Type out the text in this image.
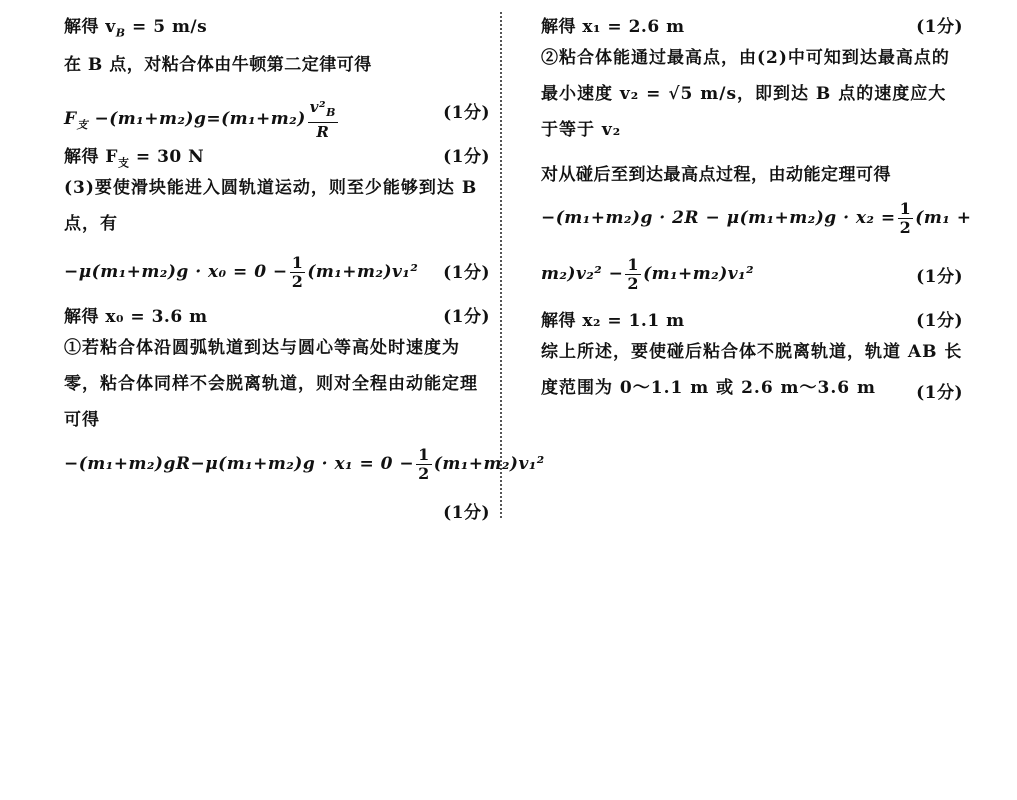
解得 $v_B = 5$ m/s
在 B 点，对粘合体由牛顿第二定律可得
$F_支 -(m_1+m_2)g=(m_1+m_2) \frac{v^2_B}{R}$	(1分)
解得 $F_支 = 30$ N	(1分)
(3)要使滑块能进入圆轨道运动，则至少能够到达 B 点，有
$-\mu(m_1+m_2)g \cdot x_0 = 0 - \frac{1}{2} (m_1+m_2)v_1^2$ (1分)
解得 x₀ = 3.6 m	(1分)
①若粘合体沿圆弧轨道到达与圆心等高处时速度为零，粘合体同样不会脱离轨道，则对全程由动能定理可得
$-(m_1+m_2)gR-\mu(m_1+m_2)g \cdot x_1 = 0 - \frac{1}{2} (m_1+m_2)v_1^2$
(1分)
解得 x₁ = 2.6 m	(1分)
②粘合体能通过最高点，由(2)中可知到达最高点的最小速度 v₂ = √5 m/s，即到达 B 点的速度应大于等于 v₂
对从碰后至到达最高点过程，由动能定理可得
$-(m_1+m_2)g \cdot 2R - \mu(m_1+m_2)g \cdot x_2 = \frac{1}{2} (m_1$ +
$m_2)v_2^2 - \frac{1}{2} (m_1+m_2)v_1^2$	(1分)
解得 x₂ = 1.1 m	(1分)
综上所述，要使碰后粘合体不脱离轨道，轨道 AB 长度范围为 0～1.1 m 或 2.6 m～3.6 m	(1分)
